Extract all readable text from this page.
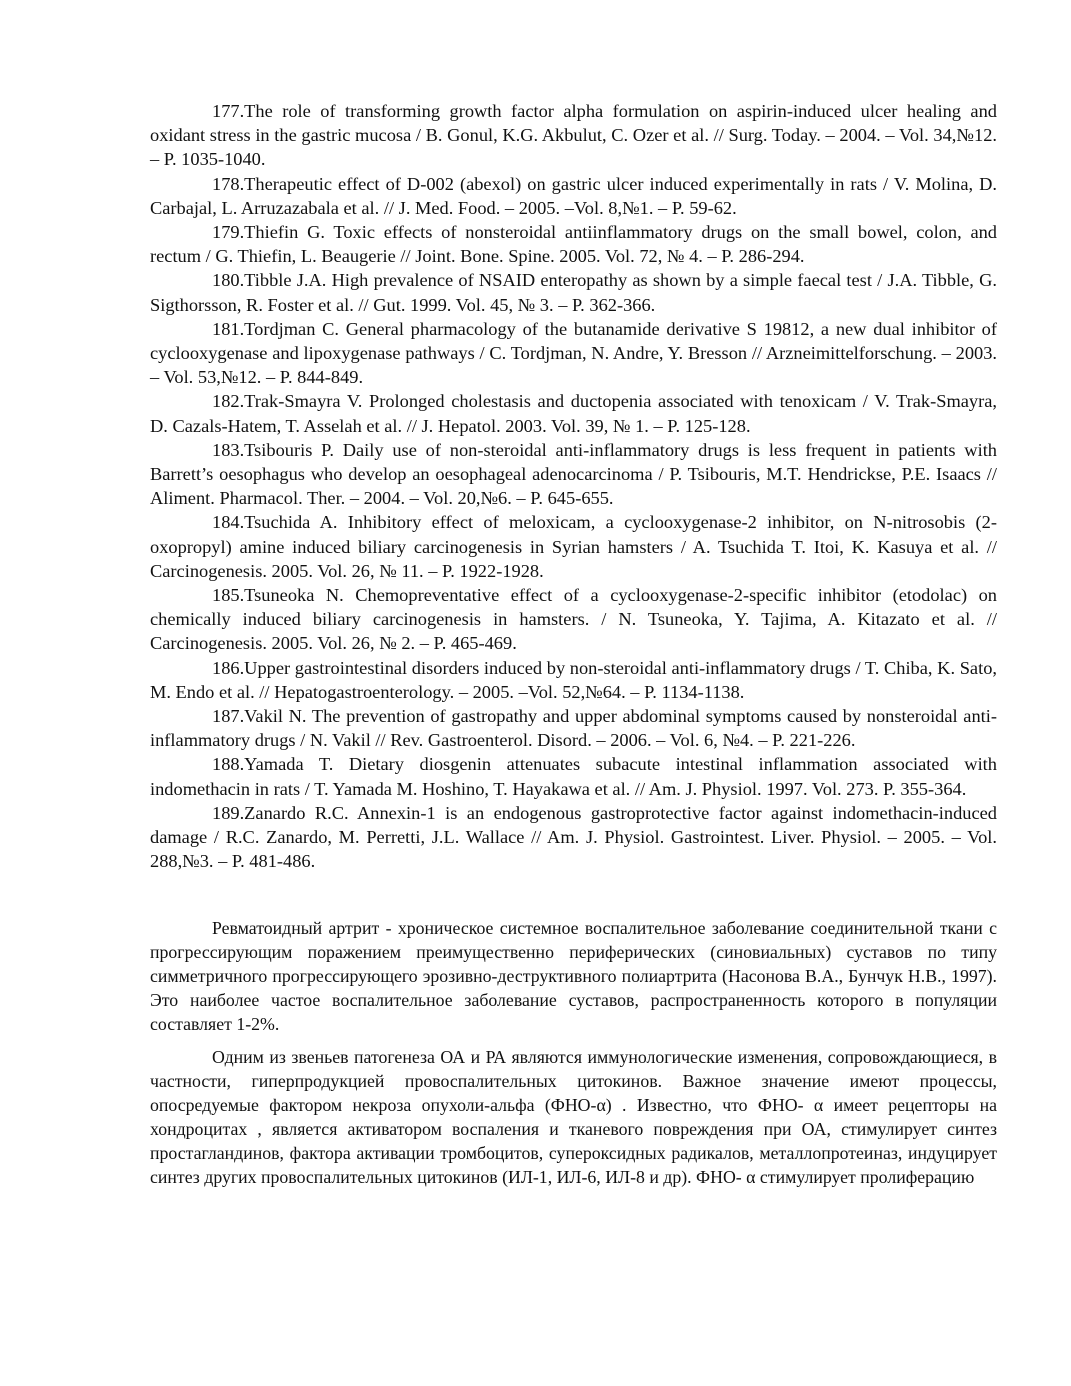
177.The role of transforming growth factor alpha formulation on aspirin-induced ulcer healing and oxidant stress in the gastric mucosa / B. Gonul, K.G. Akbulut, C. Ozer et al. // Surg. Today. – 2004. – Vol. 34,№12. – P. 1035-1040.

178.Therapeutic effect of D-002 (abexol) on gastric ulcer induced experimentally in rats / V. Molina, D. Carbajal, L. Arruzazabala et al. // J. Med. Food. – 2005. –Vol. 8,№1. – P. 59-62.

179.Thiefin G. Toxic effects of nonsteroidal antiinflammatory drugs on the small bowel, colon, and rectum / G. Thiefin, L. Beaugerie // Joint. Bone. Spine. 2005. Vol. 72, № 4. – P. 286-294.

180.Tibble J.A. High prevalence of NSAID enteropathy as shown by a simple faecal test / J.A. Tibble, G. Sigthorsson, R. Foster et al. // Gut. 1999. Vol. 45, № 3. – P. 362-366.

181.Tordjman C. General pharmacology of the butanamide derivative S 19812, a new dual inhibitor of cyclooxygenase and lipoxygenase pathways / C. Tordjman, N. Andre, Y. Bresson // Arzneimittelforschung. – 2003. – Vol. 53,№12. – P. 844-849.

182.Trak-Smayra V. Prolonged cholestasis and ductopenia associated with tenoxicam / V. Trak-Smayra, D. Cazals-Hatem, T. Asselah et al. // J. Hepatol. 2003. Vol. 39, № 1. – P. 125-128.

183.Tsibouris P. Daily use of non-steroidal anti-inflammatory drugs is less frequent in patients with Barrett’s oesophagus who develop an oesophageal adenocarcinoma / P. Tsibouris, M.T. Hendrickse, P.E. Isaacs // Aliment. Pharmacol. Ther. – 2004. – Vol. 20,№6. – P. 645-655.

184.Tsuchida A. Inhibitory effect of meloxicam, a cyclooxygenase-2 inhibitor, on N-nitrosobis (2-oxopropyl) amine induced biliary carcinogenesis in Syrian hamsters / A. Tsuchida T. Itoi, K. Kasuya et al. // Carcinogenesis. 2005. Vol. 26, № 11. – P. 1922-1928.

185.Tsuneoka N. Chemopreventative effect of a cyclooxygenase-2-specific inhibitor (etodolac) on chemically induced biliary carcinogenesis in hamsters. / N. Tsuneoka, Y. Tajima, A. Kitazato et al. // Carcinogenesis. 2005. Vol. 26, № 2. – P. 465-469.

186.Upper gastrointestinal disorders induced by non-steroidal anti-inflammatory drugs / T. Chiba, K. Sato, M. Endo et al. // Hepatogastroenterology. – 2005. –Vol. 52,№64. – P. 1134-1138.

187.Vakil N. The prevention of gastropathy and upper abdominal symptoms caused by nonsteroidal anti-inflammatory drugs / N. Vakil // Rev. Gastroenterol. Disord. – 2006. – Vol. 6, №4. – P. 221-226.

188.Yamada T. Dietary diosgenin attenuates subacute intestinal inflammation associated with indomethacin in rats / T. Yamada M. Hoshino, T. Hayakawa et al. // Am. J. Physiol. 1997. Vol. 273. P. 355-364.

189.Zanardo R.C. Annexin-1 is an endogenous gastroprotective factor against indomethacin-induced damage / R.C. Zanardo, M. Perretti, J.L. Wallace // Am. J. Physiol. Gastrointest. Liver. Physiol. – 2005. – Vol. 288,№3. – P. 481-486.

Ревматоидный артрит - хроническое системное воспалительное заболевание соединительной ткани с прогрессирующим поражением преимущественно периферических (синовиальных) суставов по типу симметричного прогрессирующего эрозивно-деструктивного полиартрита (Насонова В.А., Бунчук Н.В., 1997). Это наиболее частое воспалительное заболевание суставов, распространенность которого в популяции составляет 1-2%.

Одним из звеньев патогенеза ОА и РА являются иммунологические изменения, сопровождающиеся, в частности, гиперпродукцией провоспалительных цитокинов. Важное значение имеют процессы, опосредуемые фактором некроза опухоли-альфа (ФНО-α) . Известно, что ФНО- α имеет рецепторы на хондроцитах , является активатором воспаления и тканевого повреждения при ОА, стимулирует синтез простагландинов, фактора активации тромбоцитов, супероксидных радикалов, металлопротеиназ, индуцирует синтез других провоспалительных цитокинов (ИЛ-1, ИЛ-6, ИЛ-8 и др). ФНО- α стимулирует пролиферацию
